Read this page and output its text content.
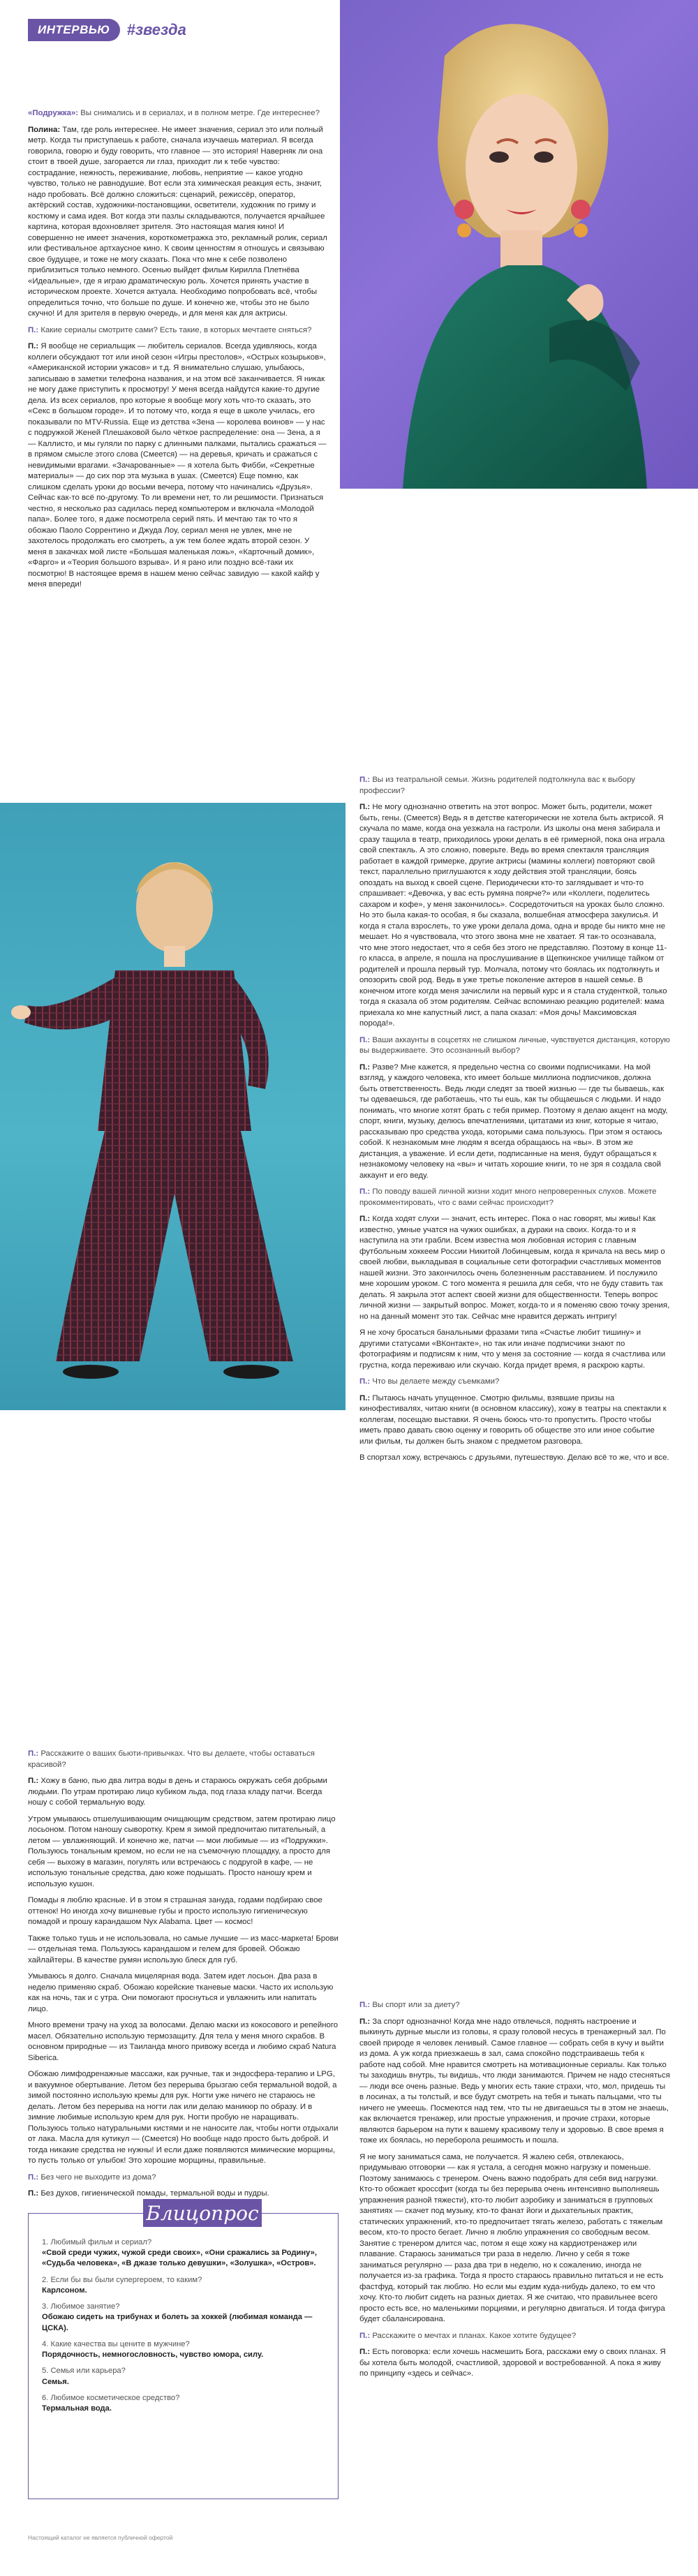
ИНТЕРВЬЮ	#звезда

«Подружка»: Вы снимались и в сериалах, и в полном метре. Где интереснее?

Полина: Там, где роль интереснее. Не имеет значения, сериал это или полный метр. Когда ты приступаешь к работе, сначала изучаешь материал. Я всегда говорила, говорю и буду говорить, что главное — это история! Наверняк ли она стоит в твоей душе, загорается ли глаз, приходит ли к тебе чувство: сострадание, нежность, переживание, любовь, неприятие — какое угодно чувство, только не равнодушие. Вот если эта химическая реакция есть, значит, надо пробовать. Всё должно сложиться: сценарий, режиссёр, оператор, актёрский состав, художники-постановщики, осветители, художник по гриму и костюму и сама идея. Вот когда эти пазлы складываются, получается ярчайшее картина, которая вдохновляет зрителя. Это настоящая магия кино! И совершенно не имеет значения, короткометражка это, рекламный ролик, сериал или фестивальное артхаусное кино. К своим ценностям я отношусь и связываю свое будущее, и тоже не могу сказать. Пока что мне к себе позволено приблизиться только немного. Осенью выйдет фильм Кирилла Плетнёва «Идеальные», где я играю драматическую роль. Хочется принять участие в историческом проекте. Хочется актуала. Необходимо попробовать всё, чтобы определиться точно, что больше по душе. И конечно же, чтобы это не было скучно! И для зрителя в первую очередь, и для меня как для актрисы.

П.: Какие сериалы смотрите сами? Есть такие, в которых мечтаете сняться?

П.: Я вообще не сериальщик — любитель сериалов. Всегда удивляюсь, когда коллеги обсуждают тот или иной сезон «Игры престолов», «Острых козырьков», «Американской истории ужасов» и т.д. Я внимательно слушаю, улыбаюсь, записываю в заметки телефона названия, и на этом всё заканчивается. Я никак не могу даже приступить к просмотру! У меня всегда найдутся какие-то другие дела. Из всех сериалов, про которые я вообще могу хоть что-то сказать, это «Секс в большом городе». И то потому что, когда я еще в школе училась, его показывали по MTV-Russia. Еще из детства «Зена — королева воинов» — у нас с подружкой Женей Плешаковой было чёткое распределение: она — Зена, а я — Каллисто, и мы гуляли по парку с длинными палками, пытались сражаться — в прямом смысле этого слова (Смеется) — на деревья, кричать и сражаться с невидимыми врагами. «Зачарованные» — я хотела быть Фибби, «Секретные материалы» — до сих пор эта музыка в ушах. (Смеется) Еще помню, как слишком сделать уроки до восьми вечера, потому что начинались «Друзья». Сейчас как-то всё по-другому. То ли времени нет, то ли решимости. Признаться честно, я несколько раз садилась перед компьютером и включала «Молодой папа». Более того, я даже посмотрела серий пять. И мечтаю так то что я обожаю Паоло Соррентино и Джуда Лоу, сериал меня не увлек, мне не захотелось продолжать его смотреть, а уж тем более ждать второй сезон. У меня в закачках мой листе «Большая маленькая ложь», «Карточный домик», «Фарго» и «Теория большого взрыва». И я рано или поздно всё-таки их посмотрю! В настоящее время в нашем меню сейчас завидую — какой кайф у меня впереди!

П.: Вы из театральной семьи. Жизнь родителей подтолкнула вас к выбору профессии?

П.: Не могу однозначно ответить на этот вопрос. Может быть, родители, может быть, гены. (Смеется) Ведь я в детстве категорически не хотела быть актрисой. Я скучала по маме, когда она уезжала на гастроли. Из школы она меня забирала и сразу тащила в театр, приходилось уроки делать в её гримерной, пока она играла свой спектакль. А это сложно, поверьте. Ведь во время спектакля трансляция работает в каждой гримерке, другие актрисы (мамины коллеги) повторяют свой текст, параллельно приглушаются к ходу действия этой трансляции, боясь опоздать на выход к своей сцене. Периодически кто-то заглядывает и что-то спрашивает: «Девочка, у вас есть румяна поярче?» или «Коллеги, поделитесь сахаром и кофе», у меня закончилось». Сосредоточиться на уроках было сложно. Но это была какая-то особая, я бы сказала, волшебная атмосфера закулисья. И когда я стала взрослеть, то уже уроки делала дома, одна и вроде бы никто мне не мешает. Но я чувствовала, что этого звона мне не хватает. Я так-то осознавала, что мне этого недостает, что я себя без этого не представляю. Поэтому в конце 11-го класса, в апреле, я пошла на прослушивание в Щепкинское училище тайком от родителей и прошла первый тур. Молчала, потому что боялась их подтолкнуть и опозорить свой род. Ведь в уже третье поколение актеров в нашей семье. В конечном итоге когда меня зачислили на первый курс и я стала студенткой, только тогда я сказала об этом родителям. Сейчас вспоминаю реакцию родителей: мама приехала ко мне капустный лист, а папа сказал: «Моя дочь! Максимовская порода!».

П.: Ваши аккаунты в соцсетях не слишком личные, чувствуется дистанция, которую вы выдерживаете. Это осознанный выбор?

П.: Разве? Мне кажется, я предельно честна со своими подписчиками. На мой взгляд, у каждого человека, кто имеет больше миллиона подписчиков, должна быть ответственность. Ведь люди следят за твоей жизнью — где ты бываешь, как ты одеваешься, где работаешь, что ты ешь, как ты общаешься с людьми. И надо понимать, что многие хотят брать с тебя пример. Поэтому я делаю акцент на моду, спорт, книги, музыку, делюсь впечатлениями, цитатами из книг, которые я читаю, рассказываю про средства ухода, которыми сама пользуюсь. При этом я остаюсь собой. К незнакомым мне людям я всегда обращаюсь на «вы». В этом же дистанция, а уважение. И если дети, подписанные на меня, будут обращаться к незнакомому человеку на «вы» и читать хорошие книги, то не зря я создала свой аккаунт и его веду.

П.: По поводу вашей личной жизни ходит много непроверенных слухов. Можете прокомментировать, что с вами сейчас происходит?

П.: Когда ходят слухи — значит, есть интерес. Пока о нас говорят, мы живы! Как известно, умные учатся на чужих ошибках, а дураки на своих. Когда-то и я наступила на эти грабли. Всем известна моя любовная история с главным футбольным хоккеем России Никитой Лобинцевым, когда я кричала на весь мир о своей любви, выкладывая в социальные сети фотографии счастливых моментов нашей жизни. Это закончилось очень болезненным расставанием. И послужило мне хорошим уроком. С того момента я решила для себя, что не буду ставить так делать. Я закрыла этот аспект своей жизни для общественности. Теперь вопрос личной жизни — закрытый вопрос. Может, когда-то и я поменяю свою точку зрения, но на данный момент это так. Сейчас мне нравится держать интригу!

Я не хочу бросаться банальными фразами типа «Счастье любит тишину» и другими статусами «ВКонтакте», но так или иначе подписчики знают по фотографиям и подписям к ним, что у меня за состояние — когда я счастлива или грустна, когда переживаю или скучаю. Когда придет время, я раскрою карты.

П.: Что вы делаете между съемками?

П.: Пытаюсь начать упущенное. Смотрю фильмы, взявшие призы на кинофестивалях, читаю книги (в основном классику), хожу в театры на спектакли к коллегам, посещаю выставки. Я очень боюсь что-то пропустить. Просто чтобы иметь право давать свою оценку и говорить об обществе это или иное событие или фильм, ты должен быть знаком с предметом разговора.

В спортзал хожу, встречаюсь с друзьями, путешествую. Делаю всё то же, что и все.

П.: Расскажите о ваших бьюти-привычках. Что вы делаете, чтобы оставаться красивой?

П.: Хожу в баню, пью два литра воды в день и стараюсь окружать себя добрыми людьми. По утрам протираю лицо кубиком льда, под глаза кладу патчи. Всегда ношу с собой термальную воду.

Утром умываюсь отшелушивающим очищающим средством, затем протираю лицо лосьоном. Потом наношу сыворотку. Крем я зимой предпочитаю питательный, а летом — увлажняющий. И конечно же, патчи — мои любимые — из «Подружки». Пользуюсь тональным кремом, но если не на съемочную площадку, а просто для себя — выхожу в магазин, погулять или встречаюсь с подругой в кафе, — не использую тональные средства, даю коже подышать. Просто наношу крем и использую кушон.

Помады я люблю красные. И в этом я страшная зануда, годами подбираю свое оттенок! Но иногда хочу вишневые губы и просто использую гигиеническую помадой и прошу карандашом Nyx Alabama. Цвет — космос!

Также только тушь и не использовала, но самые лучшие — из масс-маркета! Брови — отдельная тема. Пользуюсь карандашом и гелем для бровей. Обожаю хайлайтеры. В качестве румян использую блеск для губ.

Умываюсь я долго. Сначала мицелярная вода. Затем идет лосьон. Два раза в неделю применяю скраб. Обожаю корейские тканевые маски. Часто их использую как на ночь, так и с утра. Они помогают проснуться и увлажнить или напитать лицо.

Много времени трачу на уход за волосами. Делаю маски из кокосового и репейного масел. Обязательно использую термозащиту. Для тела у меня много скрабов. В основном природные — из Таиланда много привожу всегда и любимо скраб Natura Siberica.

Обожаю лимфодренажные массажи, как ручные, так и эндосфера-терапию и LPG, и вакуумное обертывание. Летом без перерыва брызгаю себя термальной водой, а зимой постоянно использую кремы для рук. Ногти уже ничего не стараюсь не делать. Летом без перерыва на ногти лак или делаю маникюр по образу. И в зимние любимые использую крем для рук. Ногти пробую не наращивать. Пользуюсь только натуральными кистями и не наносите лак, чтобы ногти отдыхали от лака. Масла для кутикул — (Смеется) Но вообще надо просто быть доброй. И тогда никакие средства не нужны! И если даже появляются мимические морщины, то пусть только от улыбок! Это хорошие морщины, правильные.

П.: Без чего не выходите из дома?

П.: Без духов, гигиенической помады, термальной воды и пудры.

П.: Вы спорт или за диету?

П.: За спорт однозначно! Когда мне надо отвлечься, поднять настроение и выкинуть дурные мысли из головы, я сразу головой несусь в тренажерный зал. По своей природе я человек ленивый. Самое главное — собрать себя в кучу и выйти из дома. А уж когда приезжаешь в зал, сама спокойно подстраиваешь тебя к работе над собой. Мне нравится смотреть на мотивационные сериалы. Как только ты заходишь внутрь, ты видишь, что люди занимаются. Причем не надо стесняться — люди все очень разные. Ведь у многих есть такие страхи, что, мол, придешь ты в лосинах, а ты толстый, и все будут смотреть на тебя и тыкать пальцами, что ты ничего не умеешь. Посмеются над тем, что ты не двигаешься ты в этом не знаешь, как включается тренажер, или простые упражнения, и прочие страхи, которые являются барьером на пути к вашему красивому телу и здоровью. В свое время я тоже их боялась, но переборола решимость и пошла.

Я не могу заниматься сама, не получается. Я жалею себя, отвлекаюсь, придумываю отговорки — как я устала, а сегодня можно нагрузку и поменьше. Поэтому занимаюсь с тренером. Очень важно подобрать для себя вид нагрузки. Кто-то обожает кроссфит (когда ты без перерыва очень интенсивно выполняешь упражнения разной тяжести), кто-то любит аэробику и заниматься в групповых занятиях — скачет под музыку, кто-то фанат йоги и дыхательных практик, статических упражнений, кто-то предпочитает тягать железо, работать с тяжелым весом, кто-то просто бегает. Лично я люблю упражнения со свободным весом. Занятие с тренером длится час, потом я еще хожу на кардиотренажер или плавание. Стараюсь заниматься три раза в неделю. Лично у себя я тоже заниматься регулярно — раза два три в неделю, но к сожалению, иногда не получается из-за графика. Тогда я просто стараюсь правильно питаться и не есть фастфуд, который так люблю. Но если мы ездим куда-нибудь далеко, то ем что хочу. Кто-то любит сидеть на разных диетах. Я же считаю, что правильнее всего просто есть все, но маленькими порциями, и регулярно двигаться. И тогда фигура будет сбалансирована.

П.: Расскажите о мечтах и планах. Какое хотите будущее?

П.: Есть поговорка: если хочешь насмешить Бога, расскажи ему о своих планах. Я бы хотела быть молодой, счастливой, здоровой и востребованной. А пока я живу по принципу «здесь и сейчас».

Блицопрос
1. Любимый фильм и сериал?
«Свой среди чужих, чужой среди своих», «Они сражались за Родину», «Судьба человека», «В джазе только девушки», «Золушка», «Остров».
2. Если бы вы были супергероем, то каким?
Карлсоном.
3. Любимое занятие?
Обожаю сидеть на трибунах и болеть за хоккей (любимая команда — ЦСКА).
4. Какие качества вы цените в мужчине?
Порядочность, немногословность, чувство юмора, силу.
5. Семья или карьера?
Семья.
6. Любимое косметическое средство?
Термальная вода.
Настоящий каталог не является публичной офертой
